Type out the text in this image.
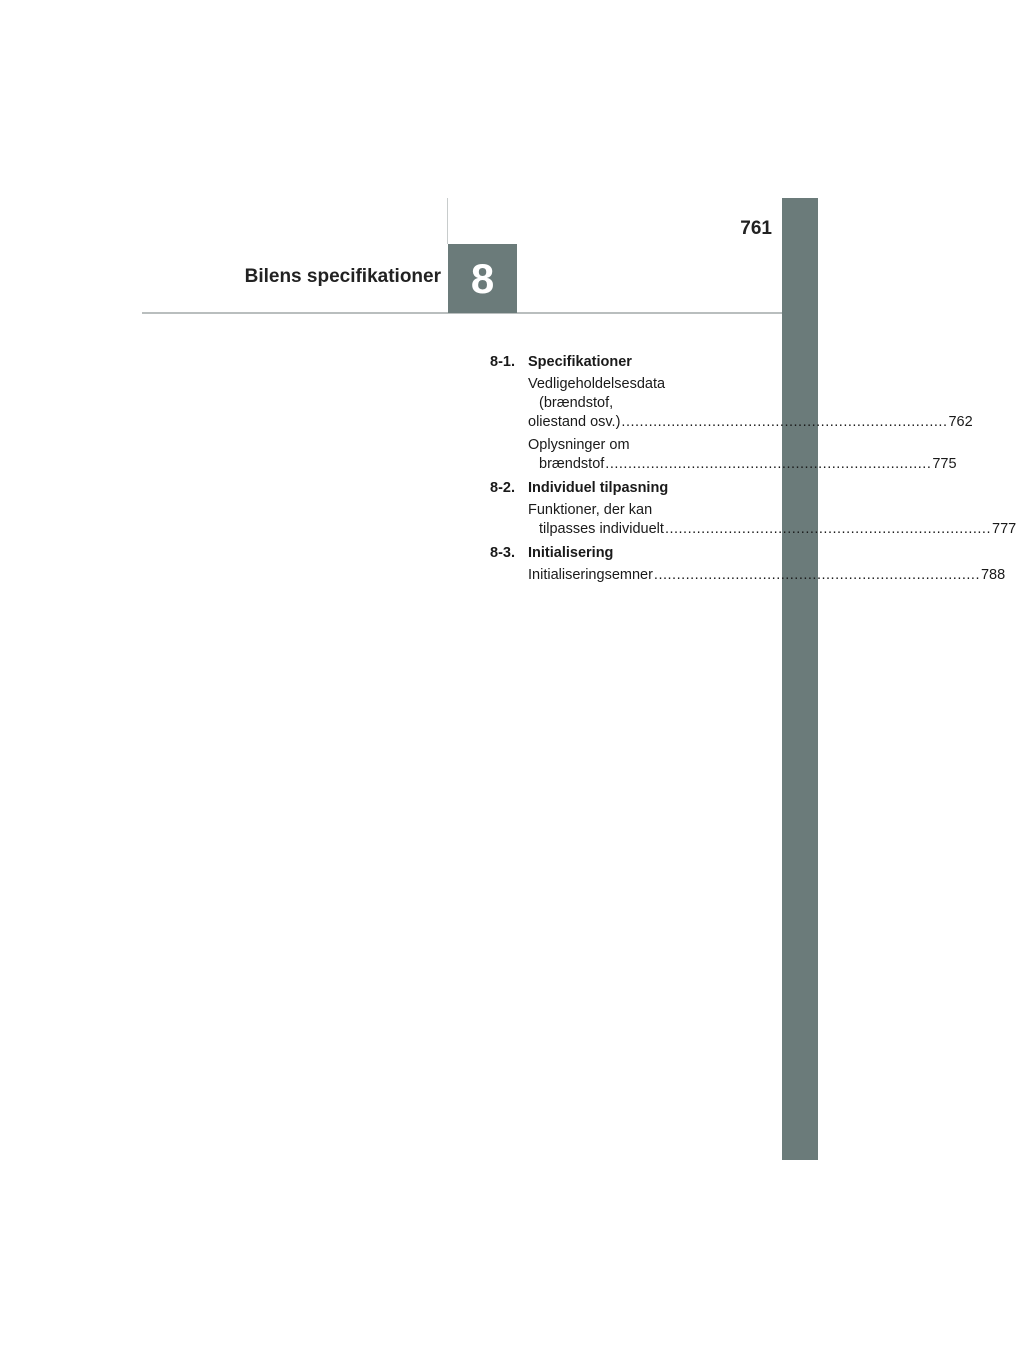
761
Bilens specifikationer 8
8-1. Specifikationer
Vedligeholdelsesdata
(brændstof,
oliestand osv.) ........................................................................ 762
Oplysninger om
brændstof ........................................................................ 775
8-2. Individuel tilpasning
Funktioner, der kan
tilpasses individuelt ........................................................................ 777
8-3. Initialisering
Initialiseringsemner ........................................................................ 788
